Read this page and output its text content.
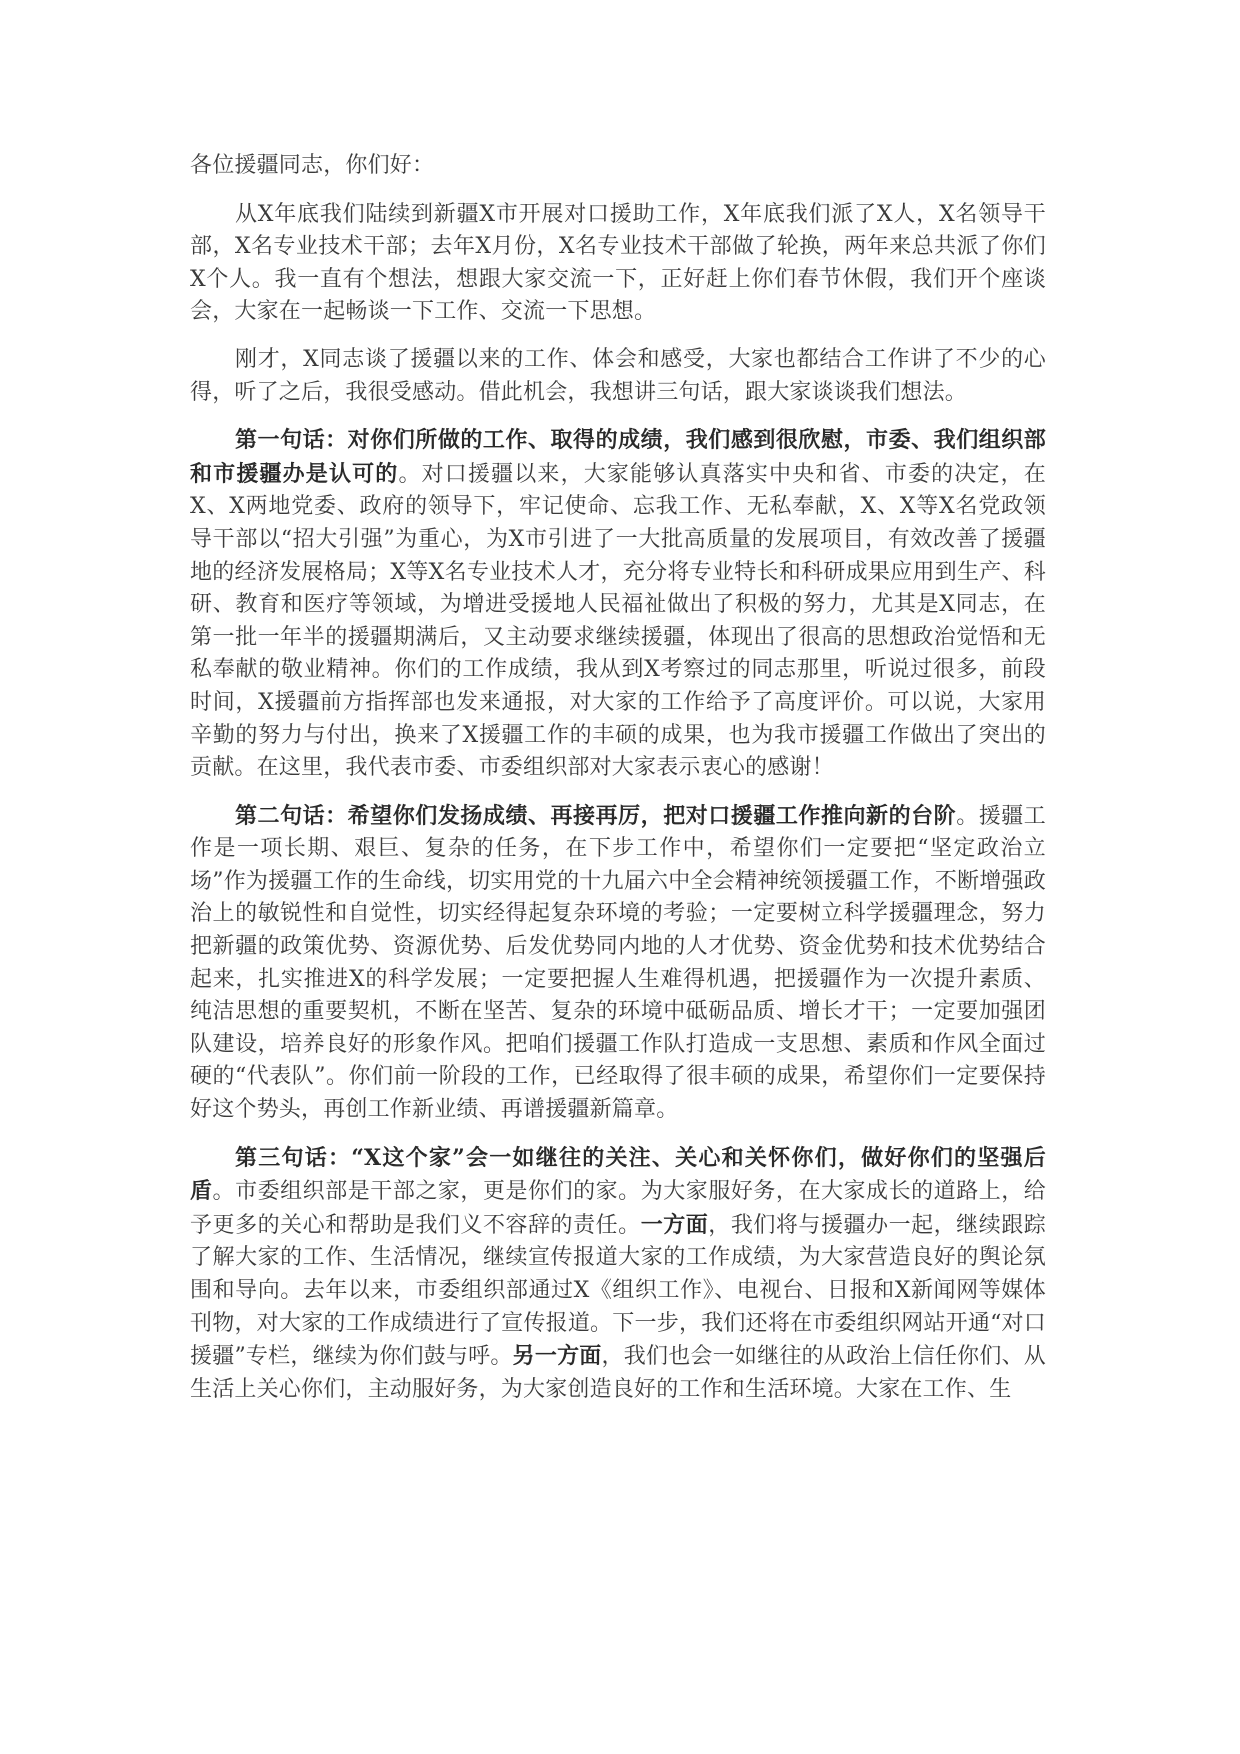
各位援疆同志，你们好：

从X年底我们陆续到新疆X市开展对口援助工作，X年底我们派了X人，X名领导干部，X名专业技术干部；去年X月份，X名专业技术干部做了轮换，两年来总共派了你们X个人。我一直有个想法，想跟大家交流一下，正好赶上你们春节休假，我们开个座谈会，大家在一起畅谈一下工作、交流一下思想。

刚才，X同志谈了援疆以来的工作、体会和感受，大家也都结合工作讲了不少的心得，听了之后，我很受感动。借此机会，我想讲三句话，跟大家谈谈我们想法。

第一句话：对你们所做的工作、取得的成绩，我们感到很欣慰，市委、我们组织部和市援疆办是认可的。对口援疆以来，大家能够认真落实中央和省、市委的决定，在X、X两地党委、政府的领导下，牢记使命、忘我工作、无私奉献，X、X等X名党政领导干部以“招大引强”为重心，为X市引进了一大批高质量的发展项目，有效改善了援疆地的经济发展格局；X等X名专业技术人才，充分将专业特长和科研成果应用到生产、科研、教育和医疗等领域，为增进受援地人民福祉做出了积极的努力，尤其是X同志，在第一批一年半的援疆期满后，又主动要求继续援疆，体现出了很高的思想政治觉悟和无私奉献的敬业精神。你们的工作成绩，我从到X考察过的同志那里，听说过很多，前段时间，X援疆前方指挥部也发来通报，对大家的工作给予了高度评价。可以说，大家用辛勤的努力与付出，换来了X援疆工作的丰硕的成果，也为我市援疆工作做出了突出的贡献。在这里，我代表市委、市委组织部对大家表示衷心的感谢！

第二句话：希望你们发扬成绩、再接再厉，把对口援疆工作推向新的台阶。援疆工作是一项长期、艰巨、复杂的任务，在下步工作中，希望你们一定要把“坚定政治立场”作为援疆工作的生命线，切实用党的十九届六中全会精神统领援疆工作，不断增强政治上的敏锐性和自觉性，切实经得起复杂环境的考验；一定要树立科学援疆理念，努力把新疆的政策优势、资源优势、后发优势同内地的人才优势、资金优势和技术优势结合起来，扎实推进X的科学发展；一定要把握人生难得机遇，把援疆作为一次提升素质、纯洁思想的重要契机，不断在坚苦、复杂的环境中砥砺品质、增长才干；一定要加强团队建设，培养良好的形象作风。把咱们援疆工作队打造成一支思想、素质和作风全面过硬的“代表队”。你们前一阶段的工作，已经取得了很丰硕的成果，希望你们一定要保持好这个势头，再创工作新业绩、再谱援疆新篇章。

第三句话：“X这个家”会一如继往的关注、关心和关怀你们，做好你们的坚强后盾。市委组织部是干部之家，更是你们的家。为大家服好务，在大家成长的道路上，给予更多的关心和帮助是我们义不容辞的责任。一方面，我们将与援疆办一起，继续跟踪了解大家的工作、生活情况，继续宣传报道大家的工作成绩，为大家营造良好的舆论氛围和导向。去年以来，市委组织部通过X《组织工作》、电视台、日报和X新闻网等媒体刊物，对大家的工作成绩进行了宣传报道。下一步，我们还将在市委组织网站开通“对口援疆”专栏，继续为你们鼓与呼。另一方面，我们也会一如继往的从政治上信任你们、从生活上关心你们，主动服好务，为大家创造良好的工作和生活环境。大家在工作、生
